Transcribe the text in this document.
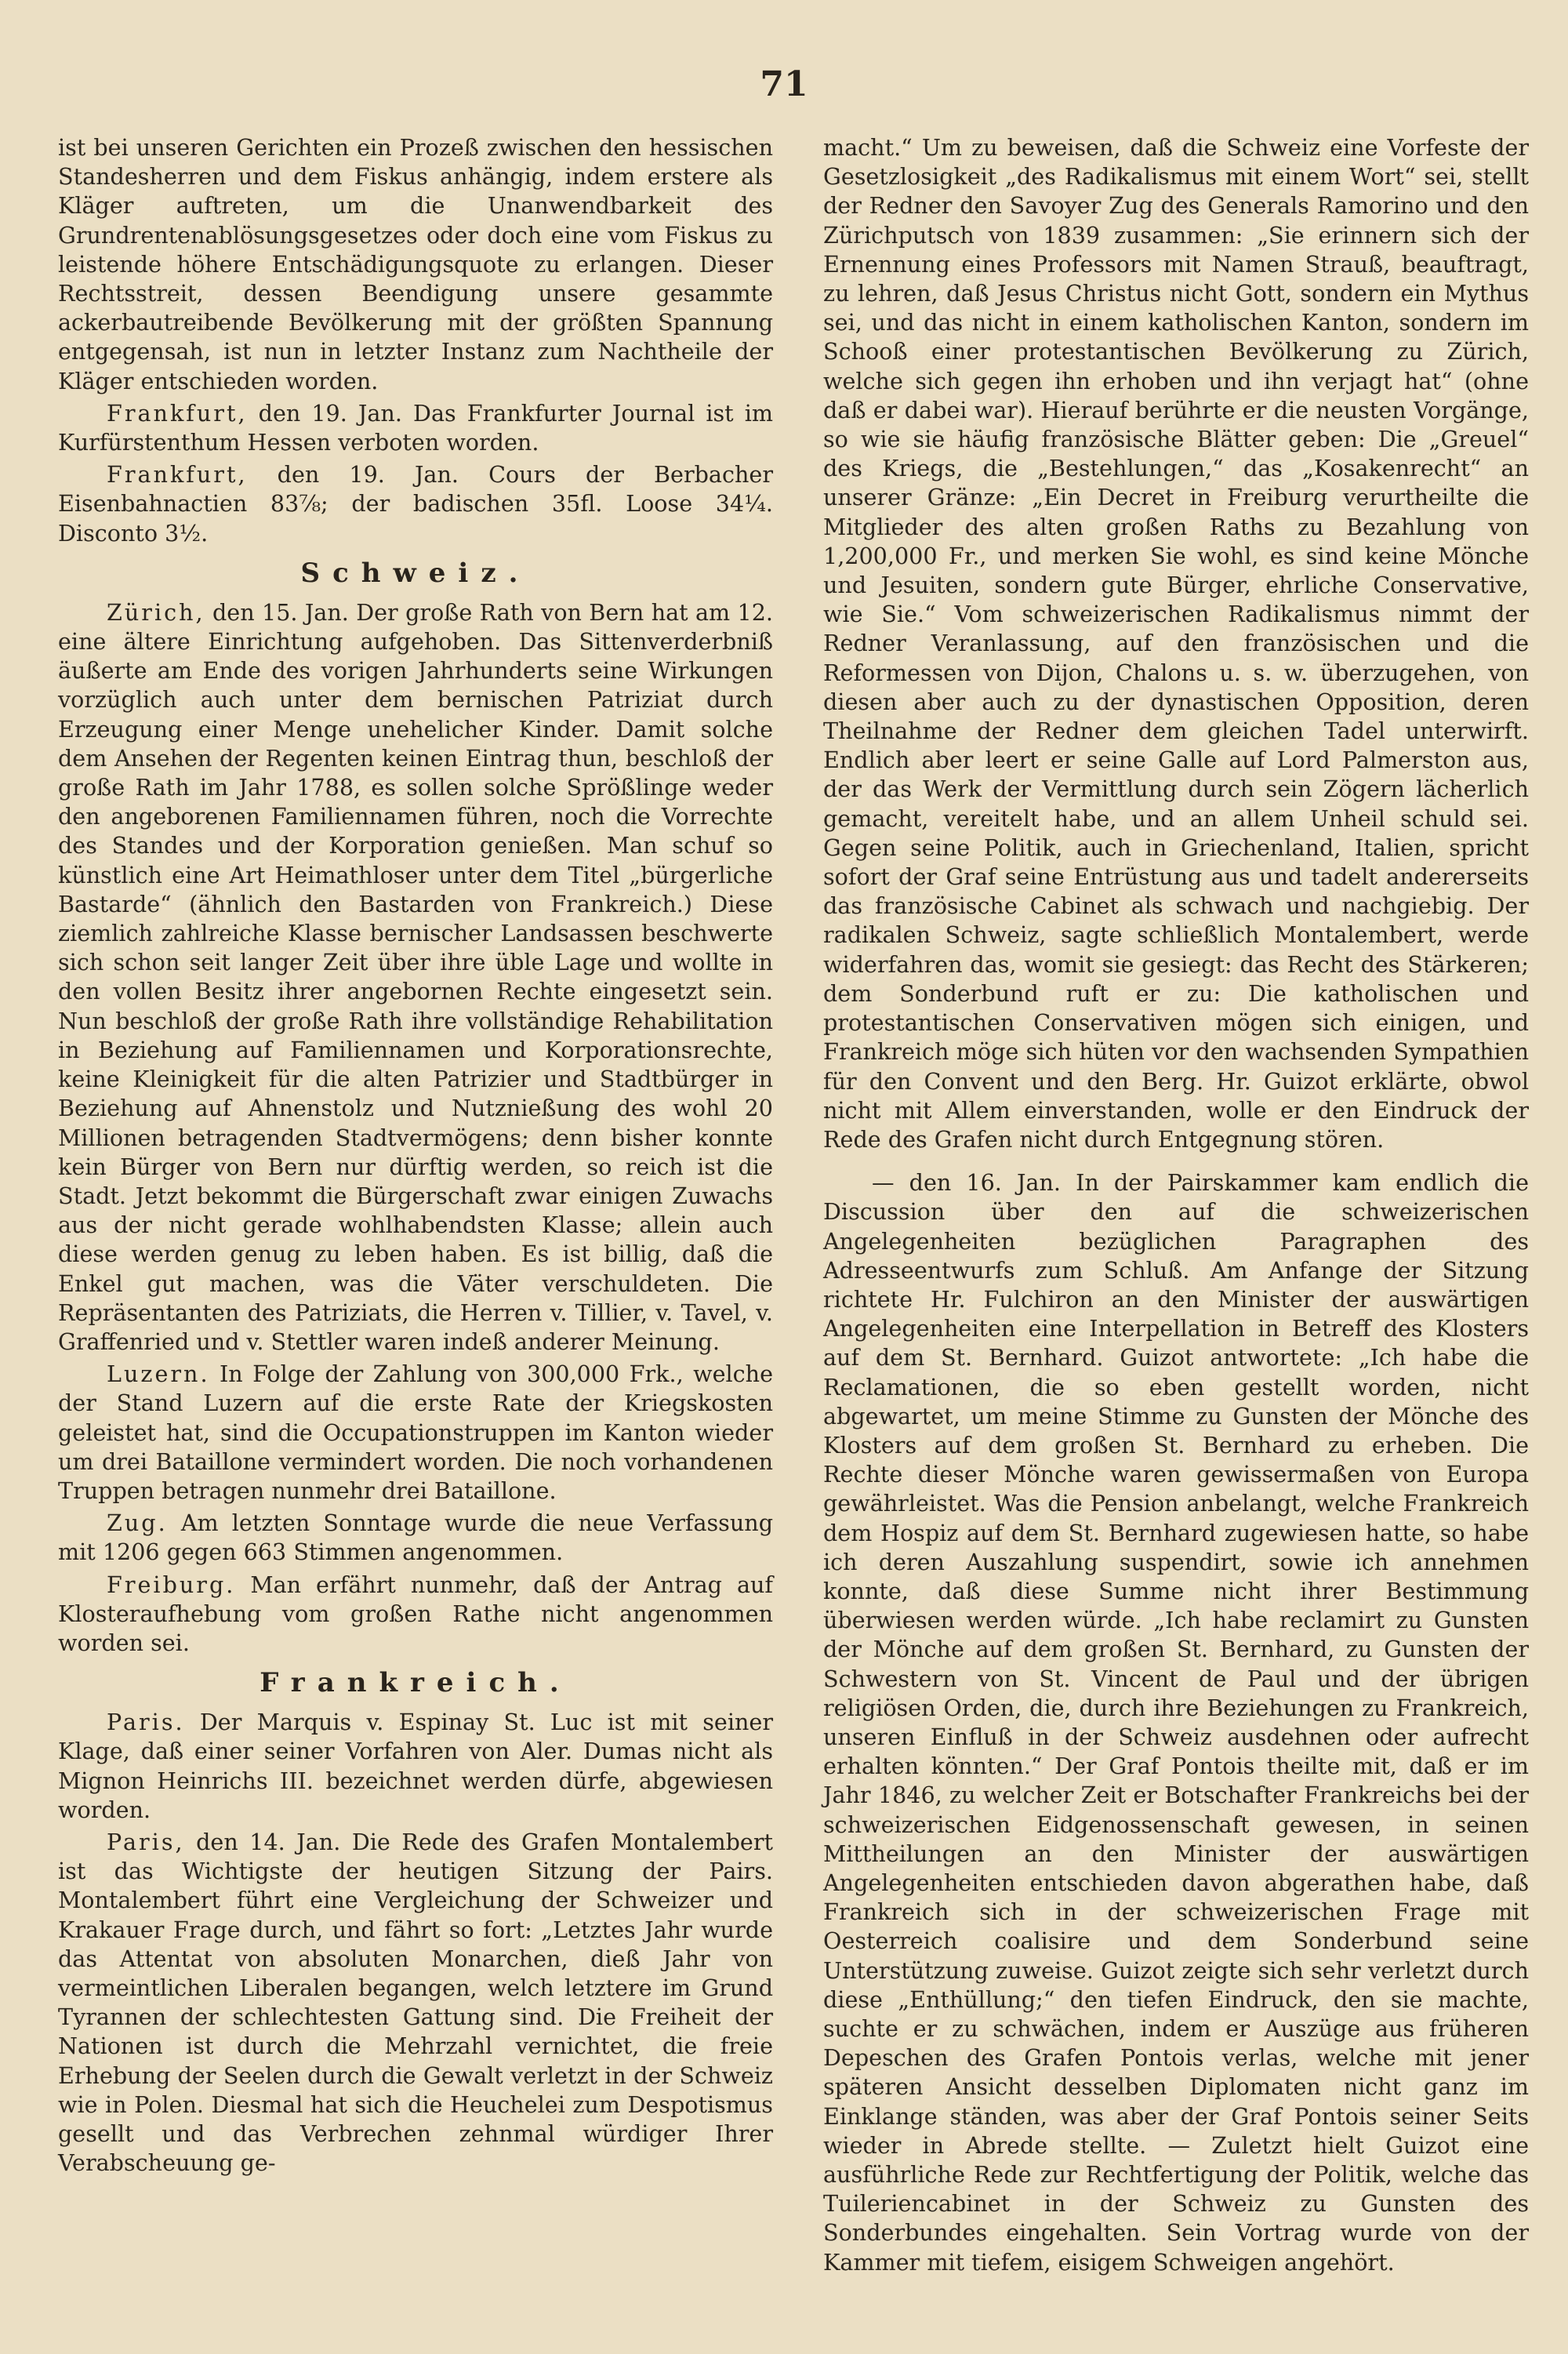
71

ist bei unseren Gerichten ein Prozeß zwischen den hessischen Standesherren und dem Fiskus anhängig, indem erstere als Kläger auftreten, um die Unanwendbarkeit des Grundrentenablösungsgesetzes oder doch eine vom Fiskus zu leistende höhere Entschädigungsquote zu erlangen. Dieser Rechtsstreit, dessen Beendigung unsere gesammte ackerbautreibende Bevölkerung mit der größten Spannung entgegensah, ist nun in letzter Instanz zum Nachtheile der Kläger entschieden worden.

Frankfurt, den 19. Jan. Das Frankfurter Journal ist im Kurfürstenthum Hessen verboten worden.

Frankfurt, den 19. Jan. Cours der Berbacher Eisenbahnactien 83⅞; der badischen 35fl. Loose 34¼. Disconto 3½.

Schweiz.

Zürich, den 15. Jan. Der große Rath von Bern hat am 12. eine ältere Einrichtung aufgehoben. Das Sittenverderbniß äußerte am Ende des vorigen Jahrhunderts seine Wirkungen vorzüglich auch unter dem bernischen Patriziat durch Erzeugung einer Menge unehelicher Kinder. Damit solche dem Ansehen der Regenten keinen Eintrag thun, beschloß der große Rath im Jahr 1788, es sollen solche Sprößlinge weder den angeborenen Familiennamen führen, noch die Vorrechte des Standes und der Korporation genießen. Man schuf so künstlich eine Art Heimathloser unter dem Titel „bürgerliche Bastarde“ (ähnlich den Bastarden von Frankreich.) Diese ziemlich zahlreiche Klasse bernischer Landsassen beschwerte sich schon seit langer Zeit über ihre üble Lage und wollte in den vollen Besitz ihrer angebornen Rechte eingesetzt sein. Nun beschloß der große Rath ihre vollständige Rehabilitation in Beziehung auf Familiennamen und Korporationsrechte, keine Kleinigkeit für die alten Patrizier und Stadtbürger in Beziehung auf Ahnenstolz und Nutznießung des wohl 20 Millionen betragenden Stadtvermögens; denn bisher konnte kein Bürger von Bern nur dürftig werden, so reich ist die Stadt. Jetzt bekommt die Bürgerschaft zwar einigen Zuwachs aus der nicht gerade wohlhabendsten Klasse; allein auch diese werden genug zu leben haben. Es ist billig, daß die Enkel gut machen, was die Väter verschuldeten. Die Repräsentanten des Patriziats, die Herren v. Tillier, v. Tavel, v. Graffenried und v. Stettler waren indeß anderer Meinung.

Luzern. In Folge der Zahlung von 300,000 Frk., welche der Stand Luzern auf die erste Rate der Kriegskosten geleistet hat, sind die Occupationstruppen im Kanton wieder um drei Bataillone vermindert worden. Die noch vorhandenen Truppen betragen nunmehr drei Bataillone.

Zug. Am letzten Sonntage wurde die neue Verfassung mit 1206 gegen 663 Stimmen angenommen.

Freiburg. Man erfährt nunmehr, daß der Antrag auf Klosteraufhebung vom großen Rathe nicht angenommen worden sei.

Frankreich.

Paris. Der Marquis v. Espinay St. Luc ist mit seiner Klage, daß einer seiner Vorfahren von Aler. Dumas nicht als Mignon Heinrichs III. bezeichnet werden dürfe, abgewiesen worden.

Paris, den 14. Jan. Die Rede des Grafen Montalembert ist das Wichtigste der heutigen Sitzung der Pairs. Montalembert führt eine Vergleichung der Schweizer und Krakauer Frage durch, und fährt so fort: „Letztes Jahr wurde das Attentat von absoluten Monarchen, dieß Jahr von vermeintlichen Liberalen begangen, welch letztere im Grund Tyrannen der schlechtesten Gattung sind. Die Freiheit der Nationen ist durch die Mehrzahl vernichtet, die freie Erhebung der Seelen durch die Gewalt verletzt in der Schweiz wie in Polen. Diesmal hat sich die Heuchelei zum Despotismus gesellt und das Verbrechen zehnmal würdiger Ihrer Verabscheuung ge-

macht.“ Um zu beweisen, daß die Schweiz eine Vorfeste der Gesetzlosigkeit „des Radikalismus mit einem Wort“ sei, stellt der Redner den Savoyer Zug des Generals Ramorino und den Zürichputsch von 1839 zusammen: „Sie erinnern sich der Ernennung eines Professors mit Namen Strauß, beauftragt, zu lehren, daß Jesus Christus nicht Gott, sondern ein Mythus sei, und das nicht in einem katholischen Kanton, sondern im Schooß einer protestantischen Bevölkerung zu Zürich, welche sich gegen ihn erhoben und ihn verjagt hat“ (ohne daß er dabei war). Hierauf berührte er die neusten Vorgänge, so wie sie häufig französische Blätter geben: Die „Greuel“ des Kriegs, die „Bestehlungen,“ das „Kosakenrecht“ an unserer Gränze: „Ein Decret in Freiburg verurtheilte die Mitglieder des alten großen Raths zu Bezahlung von 1,200,000 Fr., und merken Sie wohl, es sind keine Mönche und Jesuiten, sondern gute Bürger, ehrliche Conservative, wie Sie.“ Vom schweizerischen Radikalismus nimmt der Redner Veranlassung, auf den französischen und die Reformessen von Dijon, Chalons u. s. w. überzugehen, von diesen aber auch zu der dynastischen Opposition, deren Theilnahme der Redner dem gleichen Tadel unterwirft. Endlich aber leert er seine Galle auf Lord Palmerston aus, der das Werk der Vermittlung durch sein Zögern lächerlich gemacht, vereitelt habe, und an allem Unheil schuld sei. Gegen seine Politik, auch in Griechenland, Italien, spricht sofort der Graf seine Entrüstung aus und tadelt andererseits das französische Cabinet als schwach und nachgiebig. Der radikalen Schweiz, sagte schließlich Montalembert, werde widerfahren das, womit sie gesiegt: das Recht des Stärkeren; dem Sonderbund ruft er zu: Die katholischen und protestantischen Conservativen mögen sich einigen, und Frankreich möge sich hüten vor den wachsenden Sympathien für den Convent und den Berg. Hr. Guizot erklärte, obwol nicht mit Allem einverstanden, wolle er den Eindruck der Rede des Grafen nicht durch Entgegnung stören.

— den 16. Jan. In der Pairskammer kam endlich die Discussion über den auf die schweizerischen Angelegenheiten bezüglichen Paragraphen des Adresseentwurfs zum Schluß. Am Anfange der Sitzung richtete Hr. Fulchiron an den Minister der auswärtigen Angelegenheiten eine Interpellation in Betreff des Klosters auf dem St. Bernhard. Guizot antwortete: „Ich habe die Reclamationen, die so eben gestellt worden, nicht abgewartet, um meine Stimme zu Gunsten der Mönche des Klosters auf dem großen St. Bernhard zu erheben. Die Rechte dieser Mönche waren gewissermaßen von Europa gewährleistet. Was die Pension anbelangt, welche Frankreich dem Hospiz auf dem St. Bernhard zugewiesen hatte, so habe ich deren Auszahlung suspendirt, sowie ich annehmen konnte, daß diese Summe nicht ihrer Bestimmung überwiesen werden würde. „Ich habe reclamirt zu Gunsten der Mönche auf dem großen St. Bernhard, zu Gunsten der Schwestern von St. Vincent de Paul und der übrigen religiösen Orden, die, durch ihre Beziehungen zu Frankreich, unseren Einfluß in der Schweiz ausdehnen oder aufrecht erhalten könnten.“ Der Graf Pontois theilte mit, daß er im Jahr 1846, zu welcher Zeit er Botschafter Frankreichs bei der schweizerischen Eidgenossenschaft gewesen, in seinen Mittheilungen an den Minister der auswärtigen Angelegenheiten entschieden davon abgerathen habe, daß Frankreich sich in der schweizerischen Frage mit Oesterreich coalisire und dem Sonderbund seine Unterstützung zuweise. Guizot zeigte sich sehr verletzt durch diese „Enthüllung;“ den tiefen Eindruck, den sie machte, suchte er zu schwächen, indem er Auszüge aus früheren Depeschen des Grafen Pontois verlas, welche mit jener späteren Ansicht desselben Diplomaten nicht ganz im Einklange ständen, was aber der Graf Pontois seiner Seits wieder in Abrede stellte. — Zuletzt hielt Guizot eine ausführliche Rede zur Rechtfertigung der Politik, welche das Tuileriencabinet in der Schweiz zu Gunsten des Sonderbundes eingehalten. Sein Vortrag wurde von der Kammer mit tiefem, eisigem Schweigen angehört.
